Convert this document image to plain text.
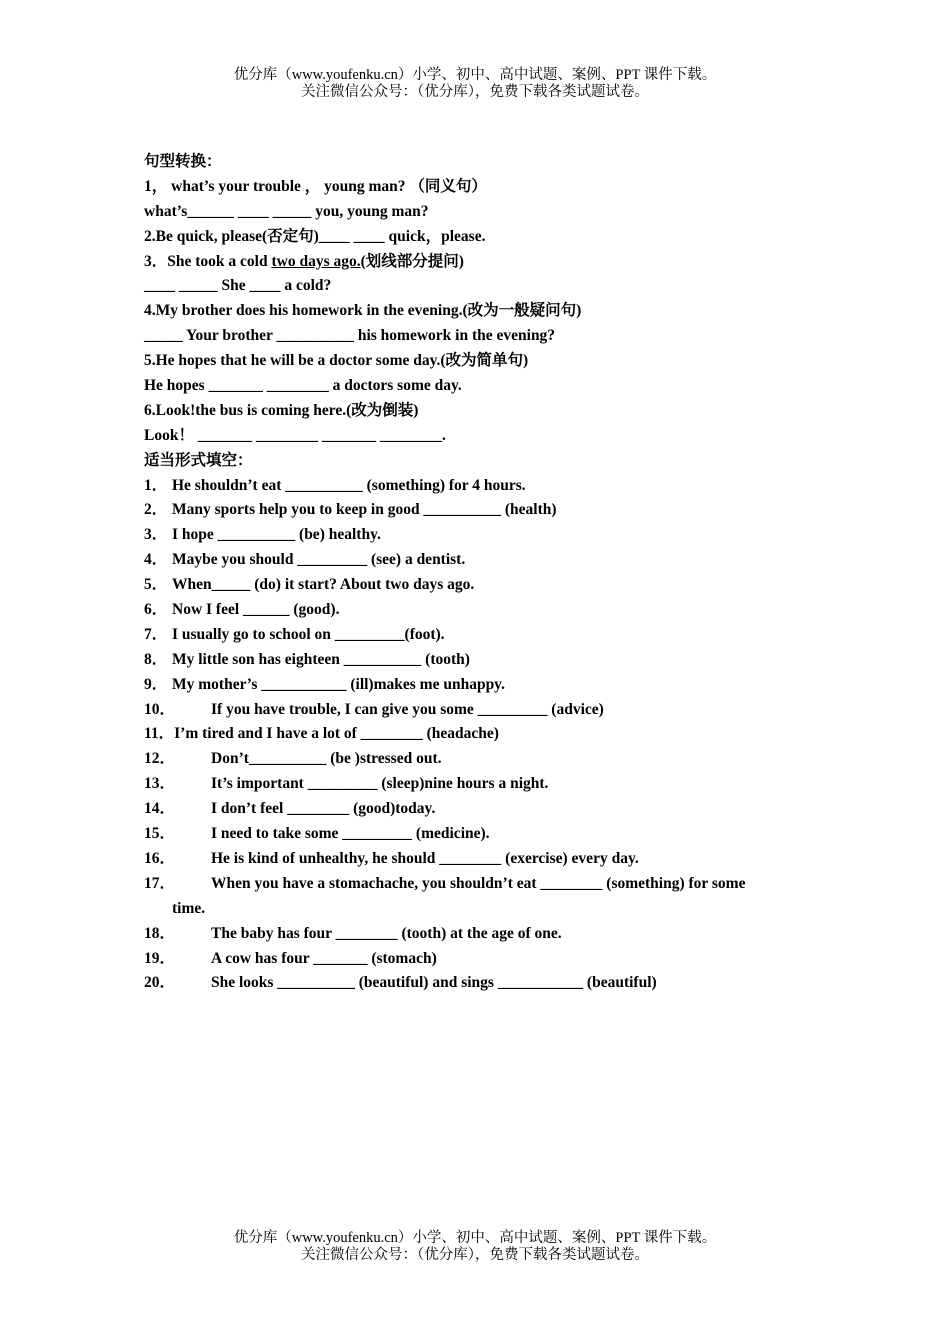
优分库（www.youfenku.cn）小学、初中、高中试题、案例、PPT 课件下载。
关注微信公众号：（优分库），免费下载各类试题试卷。
句型转换：
1， what’s your trouble ， young man? （同义句）
what’s______ ____ _____ you, young man?
2.Be quick, please(否定句)____ ____ quick，please.
3．She took a cold two days ago.(划线部分提问)
____ _____ She ____ a cold?
4.My brother does his homework in the evening.(改为一般疑问句)
_____ Your brother __________ his homework in the evening?
5.He hopes that he will be a doctor some day.(改为简单句)
He hopes _______ ________ a doctors some day.
6.Look!the bus is coming here.(改为倒装)
Look！ _______ ________ _______ ________.
适当形式填空：
1． He shouldn’t eat __________ (something) for 4 hours.
2． Many sports help you to keep in good __________ (health)
3． I hope __________ (be) healthy.
4． Maybe you should _________ (see) a dentist.
5． When_____ (do) it start? About two days ago.
6． Now I feel ______ (good).
7． I usually go to school on _________(foot).
8． My little son has eighteen __________ (tooth)
9． My mother’s ___________ (ill)makes me unhappy.
10． If you have trouble, I can give you some _________ (advice)
11．I’m tired and I have a lot of ________ (headache)
12． Don’t__________ (be )stressed out.
13． It’s important _________ (sleep)nine hours a night.
14． I don’t feel ________ (good)today.
15． I need to take some _________ (medicine).
16． He is kind of unhealthy, he should ________ (exercise) every day.
17． When you have a stomachache, you shouldn’t eat ________ (something) for some
time.
18． The baby has four ________ (tooth) at the age of one.
19． A cow has four _______ (stomach)
20． She looks __________ (beautiful) and sings ___________ (beautiful)
优分库（www.youfenku.cn）小学、初中、高中试题、案例、PPT 课件下载。
关注微信公众号：（优分库），免费下载各类试题试卷。
